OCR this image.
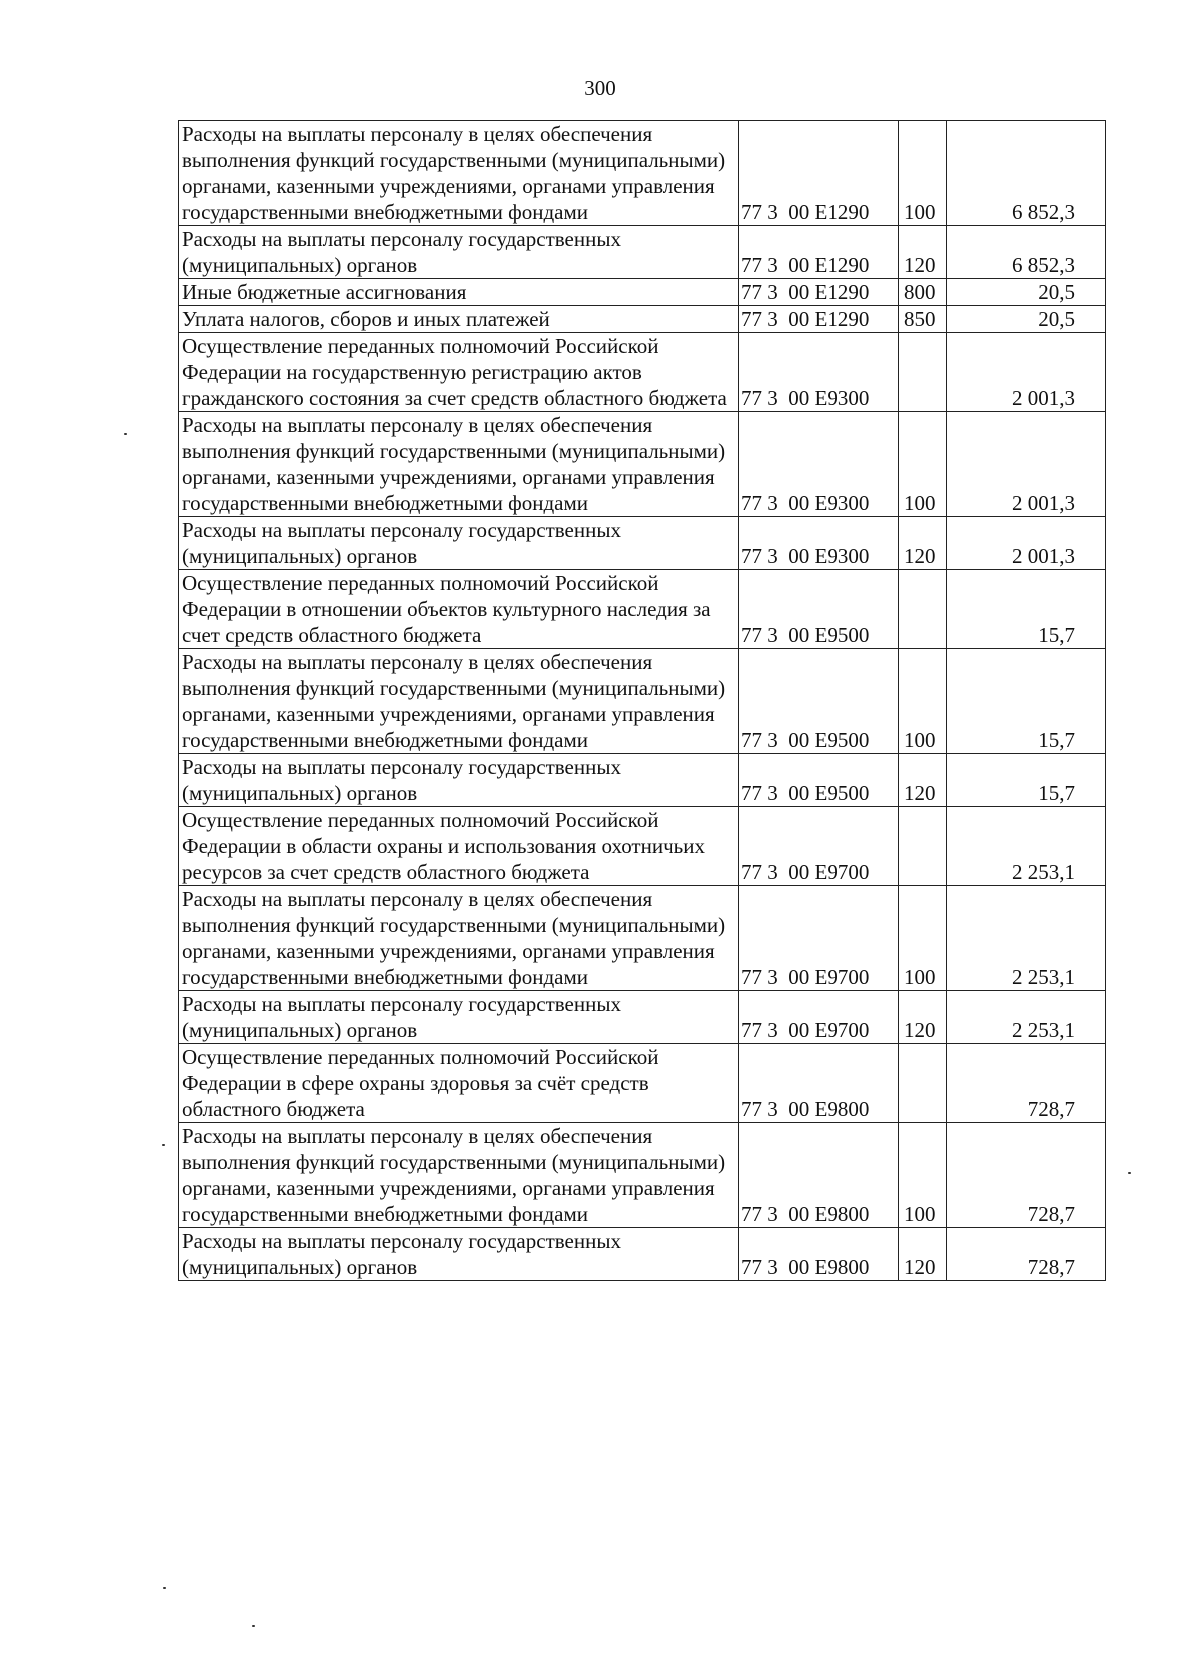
300
Расходы на выплаты персоналу в целях обеспечения выполнения функций государственными (муниципальными) органами, казенными учреждениями, органами управления государственными внебюджетными фондами	77 3  00 E1290	100	6 852,3
Расходы на выплаты персоналу государственных (муниципальных) органов	77 3  00 E1290	120	6 852,3
Иные бюджетные ассигнования	77 3  00 E1290	800	20,5
Уплата налогов, сборов и иных платежей	77 3  00 E1290	850	20,5
Осуществление переданных полномочий Российской Федерации на государственную регистрацию актов гражданского состояния за счет средств областного бюджета	77 3  00 E9300		2 001,3
Расходы на выплаты персоналу в целях обеспечения выполнения функций государственными (муниципальными) органами, казенными учреждениями, органами управления государственными внебюджетными фондами	77 3  00 E9300	100	2 001,3
Расходы на выплаты персоналу государственных (муниципальных) органов	77 3  00 E9300	120	2 001,3
Осуществление переданных полномочий Российской Федерации в отношении объектов культурного наследия за счет средств областного бюджета	77 3  00 E9500		15,7
Расходы на выплаты персоналу в целях обеспечения выполнения функций государственными (муниципальными) органами, казенными учреждениями, органами управления государственными внебюджетными фондами	77 3  00 E9500	100	15,7
Расходы на выплаты персоналу государственных (муниципальных) органов	77 3  00 E9500	120	15,7
Осуществление переданных полномочий Российской Федерации в области охраны и использования охотничьих ресурсов за счет средств областного бюджета	77 3  00 E9700		2 253,1
Расходы на выплаты персоналу в целях обеспечения выполнения функций государственными (муниципальными) органами, казенными учреждениями, органами управления государственными внебюджетными фондами	77 3  00 E9700	100	2 253,1
Расходы на выплаты персоналу государственных (муниципальных) органов	77 3  00 E9700	120	2 253,1
Осуществление переданных полномочий Российской Федерации в сфере охраны здоровья за счёт средств областного бюджета	77 3  00 E9800		728,7
Расходы на выплаты персоналу в целях обеспечения выполнения функций государственными (муниципальными) органами, казенными учреждениями, органами управления государственными внебюджетными фондами	77 3  00 E9800	100	728,7
Расходы на выплаты персоналу государственных (муниципальных) органов	77 3  00 E9800	120	728,7
